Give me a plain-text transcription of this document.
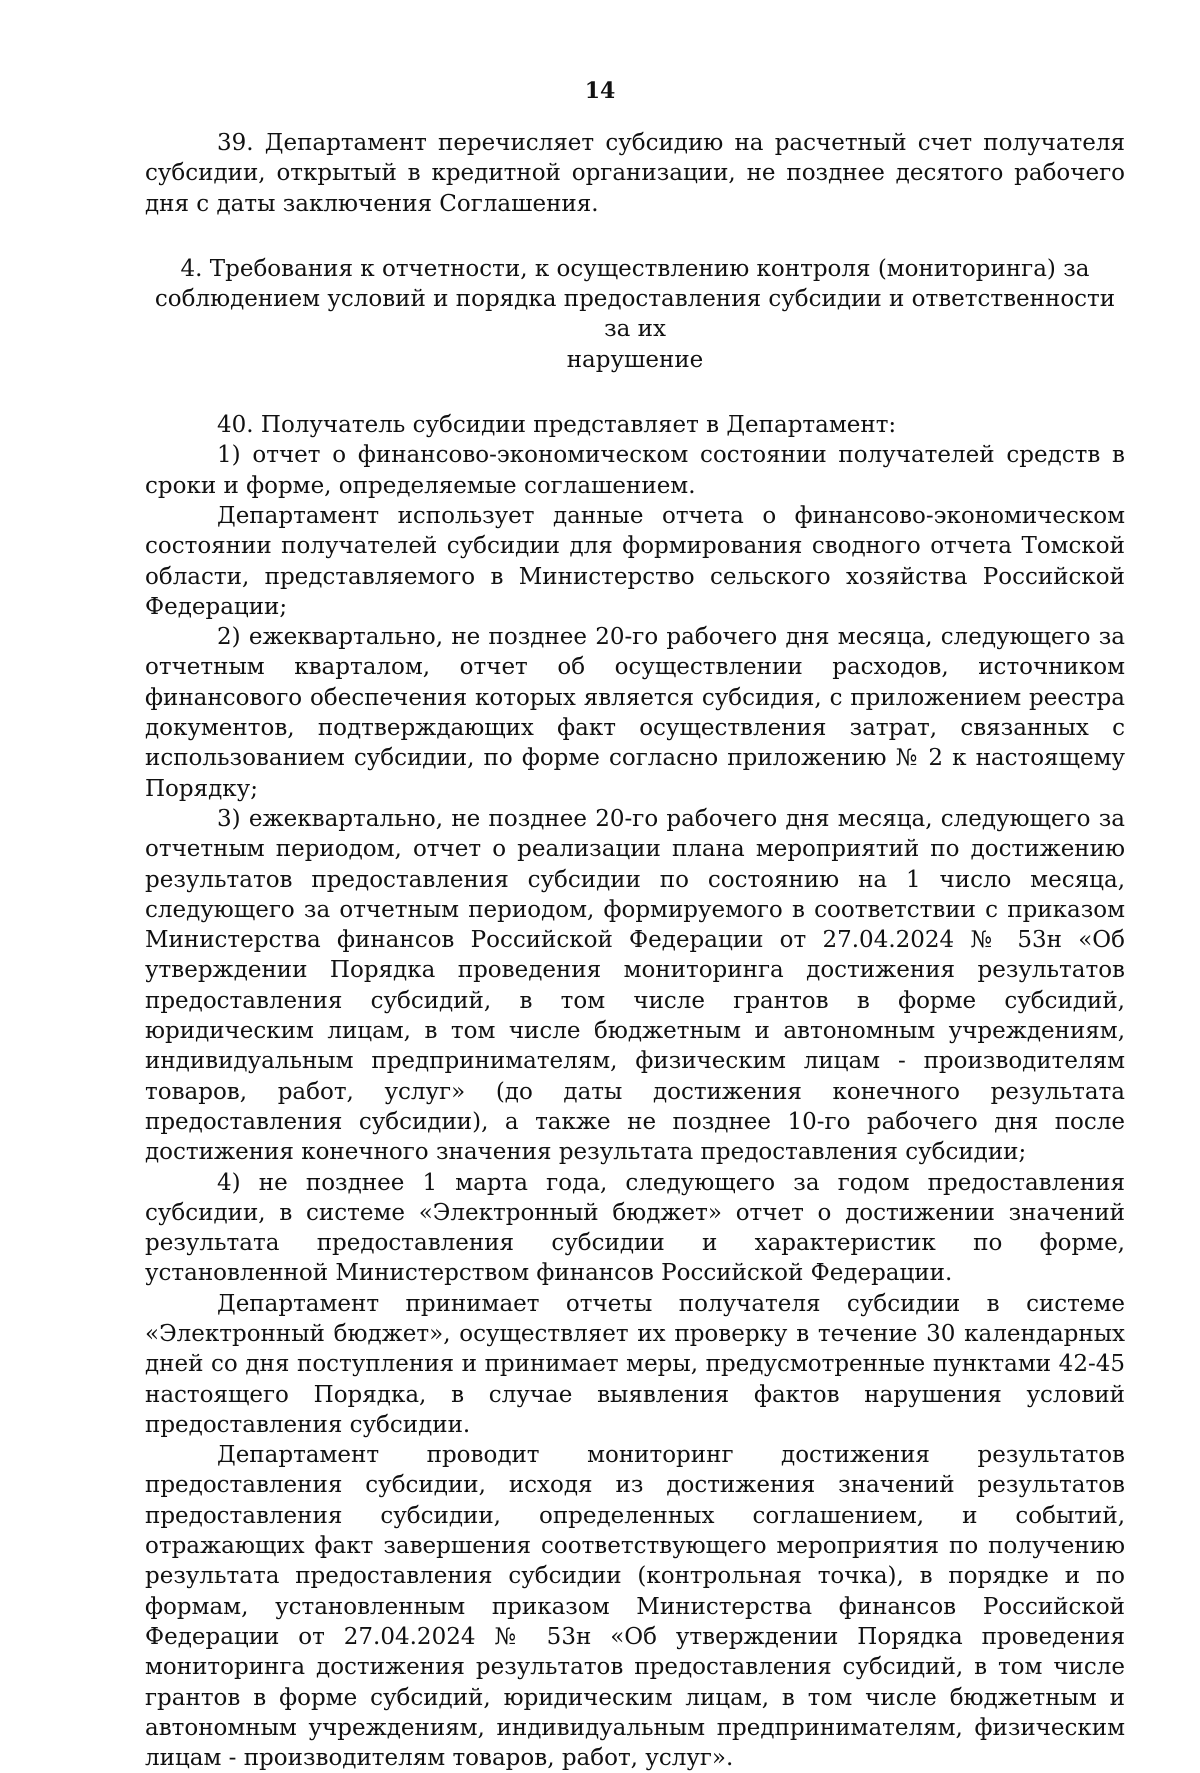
14

39. Департамент перечисляет субсидию на расчетный счет получателя субсидии, открытый в кредитной организации, не позднее десятого рабочего дня с даты заключения Соглашения.

4. Требования к отчетности, к осуществлению контроля (мониторинга) за
соблюдением условий и порядка предоставления субсидии и ответственности за их
нарушение

40. Получатель субсидии представляет в Департамент:

1) отчет о финансово-экономическом состоянии получателей средств в сроки и форме, определяемые соглашением.

Департамент использует данные отчета о финансово-экономическом состоянии получателей субсидии для формирования сводного отчета Томской области, представляемого в Министерство сельского хозяйства Российской Федерации;

2) ежеквартально, не позднее 20-го рабочего дня месяца, следующего за отчетным кварталом, отчет об осуществлении расходов, источником финансового обеспечения которых является субсидия, с приложением реестра документов, подтверждающих факт осуществления затрат, связанных с использованием субсидии, по форме согласно приложению № 2 к настоящему Порядку;

3) ежеквартально, не позднее 20-го рабочего дня месяца, следующего за отчетным периодом, отчет о реализации плана мероприятий по достижению результатов предоставления субсидии по состоянию на 1 число месяца, следующего за отчетным периодом, формируемого в соответствии с приказом Министерства финансов Российской Федерации от 27.04.2024 № 53н «Об утверждении Порядка проведения мониторинга достижения результатов предоставления субсидий, в том числе грантов в форме субсидий, юридическим лицам, в том числе бюджетным и автономным учреждениям, индивидуальным предпринимателям, физическим лицам - производителям товаров, работ, услуг» (до даты достижения конечного результата предоставления субсидии), а также не позднее 10-го рабочего дня после достижения конечного значения результата предоставления субсидии;

4) не позднее 1 марта года, следующего за годом предоставления субсидии, в системе «Электронный бюджет» отчет о достижении значений результата предоставления субсидии и характеристик по форме, установленной Министерством финансов Российской Федерации.

Департамент принимает отчеты получателя субсидии в системе «Электронный бюджет», осуществляет их проверку в течение 30 календарных дней со дня поступления и принимает меры, предусмотренные пунктами 42-45 настоящего Порядка, в случае выявления фактов нарушения условий предоставления субсидии.

Департамент проводит мониторинг достижения результатов предоставления субсидии, исходя из достижения значений результатов предоставления субсидии, определенных соглашением, и событий, отражающих факт завершения соответствующего мероприятия по получению результата предоставления субсидии (контрольная точка), в порядке и по формам, установленным приказом Министерства финансов Российской Федерации от 27.04.2024 № 53н «Об утверждении Порядка проведения мониторинга достижения результатов предоставления субсидий, в том числе грантов в форме субсидий, юридическим лицам, в том числе бюджетным и автономным учреждениям, индивидуальным предпринимателям, физическим лицам - производителям товаров, работ, услуг».
